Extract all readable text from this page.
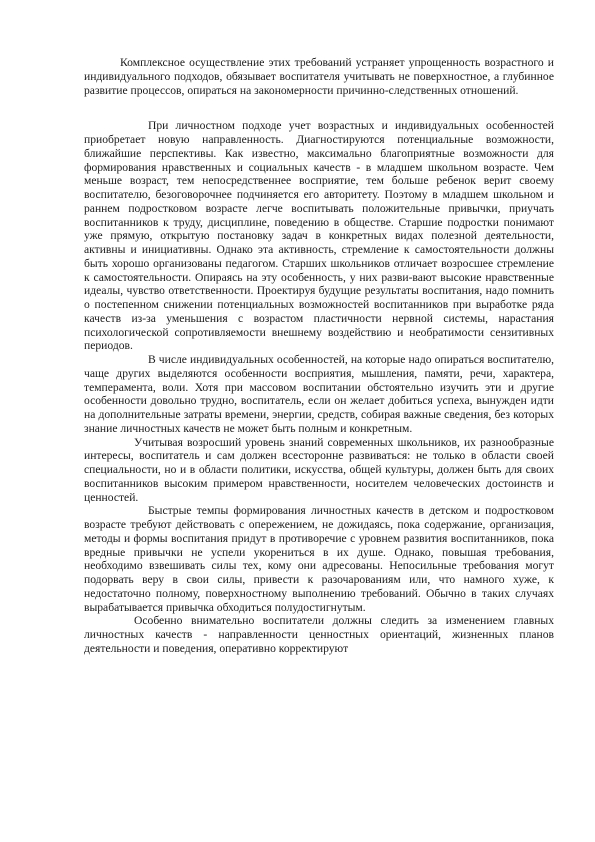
Комплексное осуществление этих требований устраняет упрощенность возрастного и индивидуального подходов, обязывает воспитателя учитывать не поверхностное, а глубинное развитие процессов, опираться на закономерности причинно-следственных отношений.

При личностном подходе учет возрастных и индивидуальных особенностей приобретает новую направленность. Диагностируются потенциальные возможности, ближайшие перспективы. Как известно, максимально благоприятные возможности для формирования нравственных и социальных качеств - в младшем школьном возрасте. Чем меньше возраст, тем непосредственнее восприятие, тем больше ребенок верит своему воспитателю, безоговорочнее подчиняется его авторитету. Поэтому в младшем школьном и раннем подростковом возрасте легче воспитывать положительные привычки, приучать воспитанников к труду, дисциплине, поведению в обществе. Старшие подростки понимают уже прямую, открытую постановку задач в конкретных видах полезной деятельности, активны и инициативны. Однако эта активность, стремление к самостоятельности должны быть хорошо организованы педагогом. Старших школьников отличает возросшее стремление к самостоятельности. Опираясь на эту особенность, у них разви-вают высокие нравственные идеалы, чувство ответственности. Проектируя будущие результаты воспитания, надо помнить о постепенном снижении потенциальных возможностей воспитанников при выработке ряда качеств из-за уменьшения с возрастом пластичности нервной системы, нарастания психологической сопротивляемости внешнему воздействию и необратимости сензитивных периодов.

В числе индивидуальных особенностей, на которые надо опираться воспитателю, чаще других выделяются особенности восприятия, мышления, памяти, речи, характера, темперамента, воли. Хотя при массовом воспитании обстоятельно изучить эти и другие особенности довольно трудно, воспитатель, если он желает добиться успеха, вынужден идти на дополнительные затраты времени, энергии, средств, собирая важные сведения, без которых знание личностных качеств не может быть полным и конкретным.

Учитывая возросший уровень знаний современных школьников, их разнообразные интересы, воспитатель и сам должен всесторонне развиваться: не только в области своей специальности, но и в области политики, искусства, общей культуры, должен быть для своих воспитанников высоким примером нравственности, носителем человеческих достоинств и ценностей.

Быстрые темпы формирования личностных качеств в детском и подростковом возрасте требуют действовать с опережением, не дожидаясь, пока содержание, организация, методы и формы воспитания придут в противоречие с уровнем развития воспитанников, пока вредные привычки не успели укорениться в их душе. Однако, повышая требования, необходимо взвешивать силы тех, кому они адресованы. Непосильные требования могут подорвать веру в свои силы, привести к разочарованиям или, что намного хуже, к недостаточно полному, поверхностному выполнению требований. Обычно в таких случаях вырабатывается привычка обходиться полудостигнутым.

Особенно внимательно воспитатели должны следить за изменением главных личностных качеств - направленности ценностных ориентаций, жизненных планов деятельности и поведения, оперативно корректируют
